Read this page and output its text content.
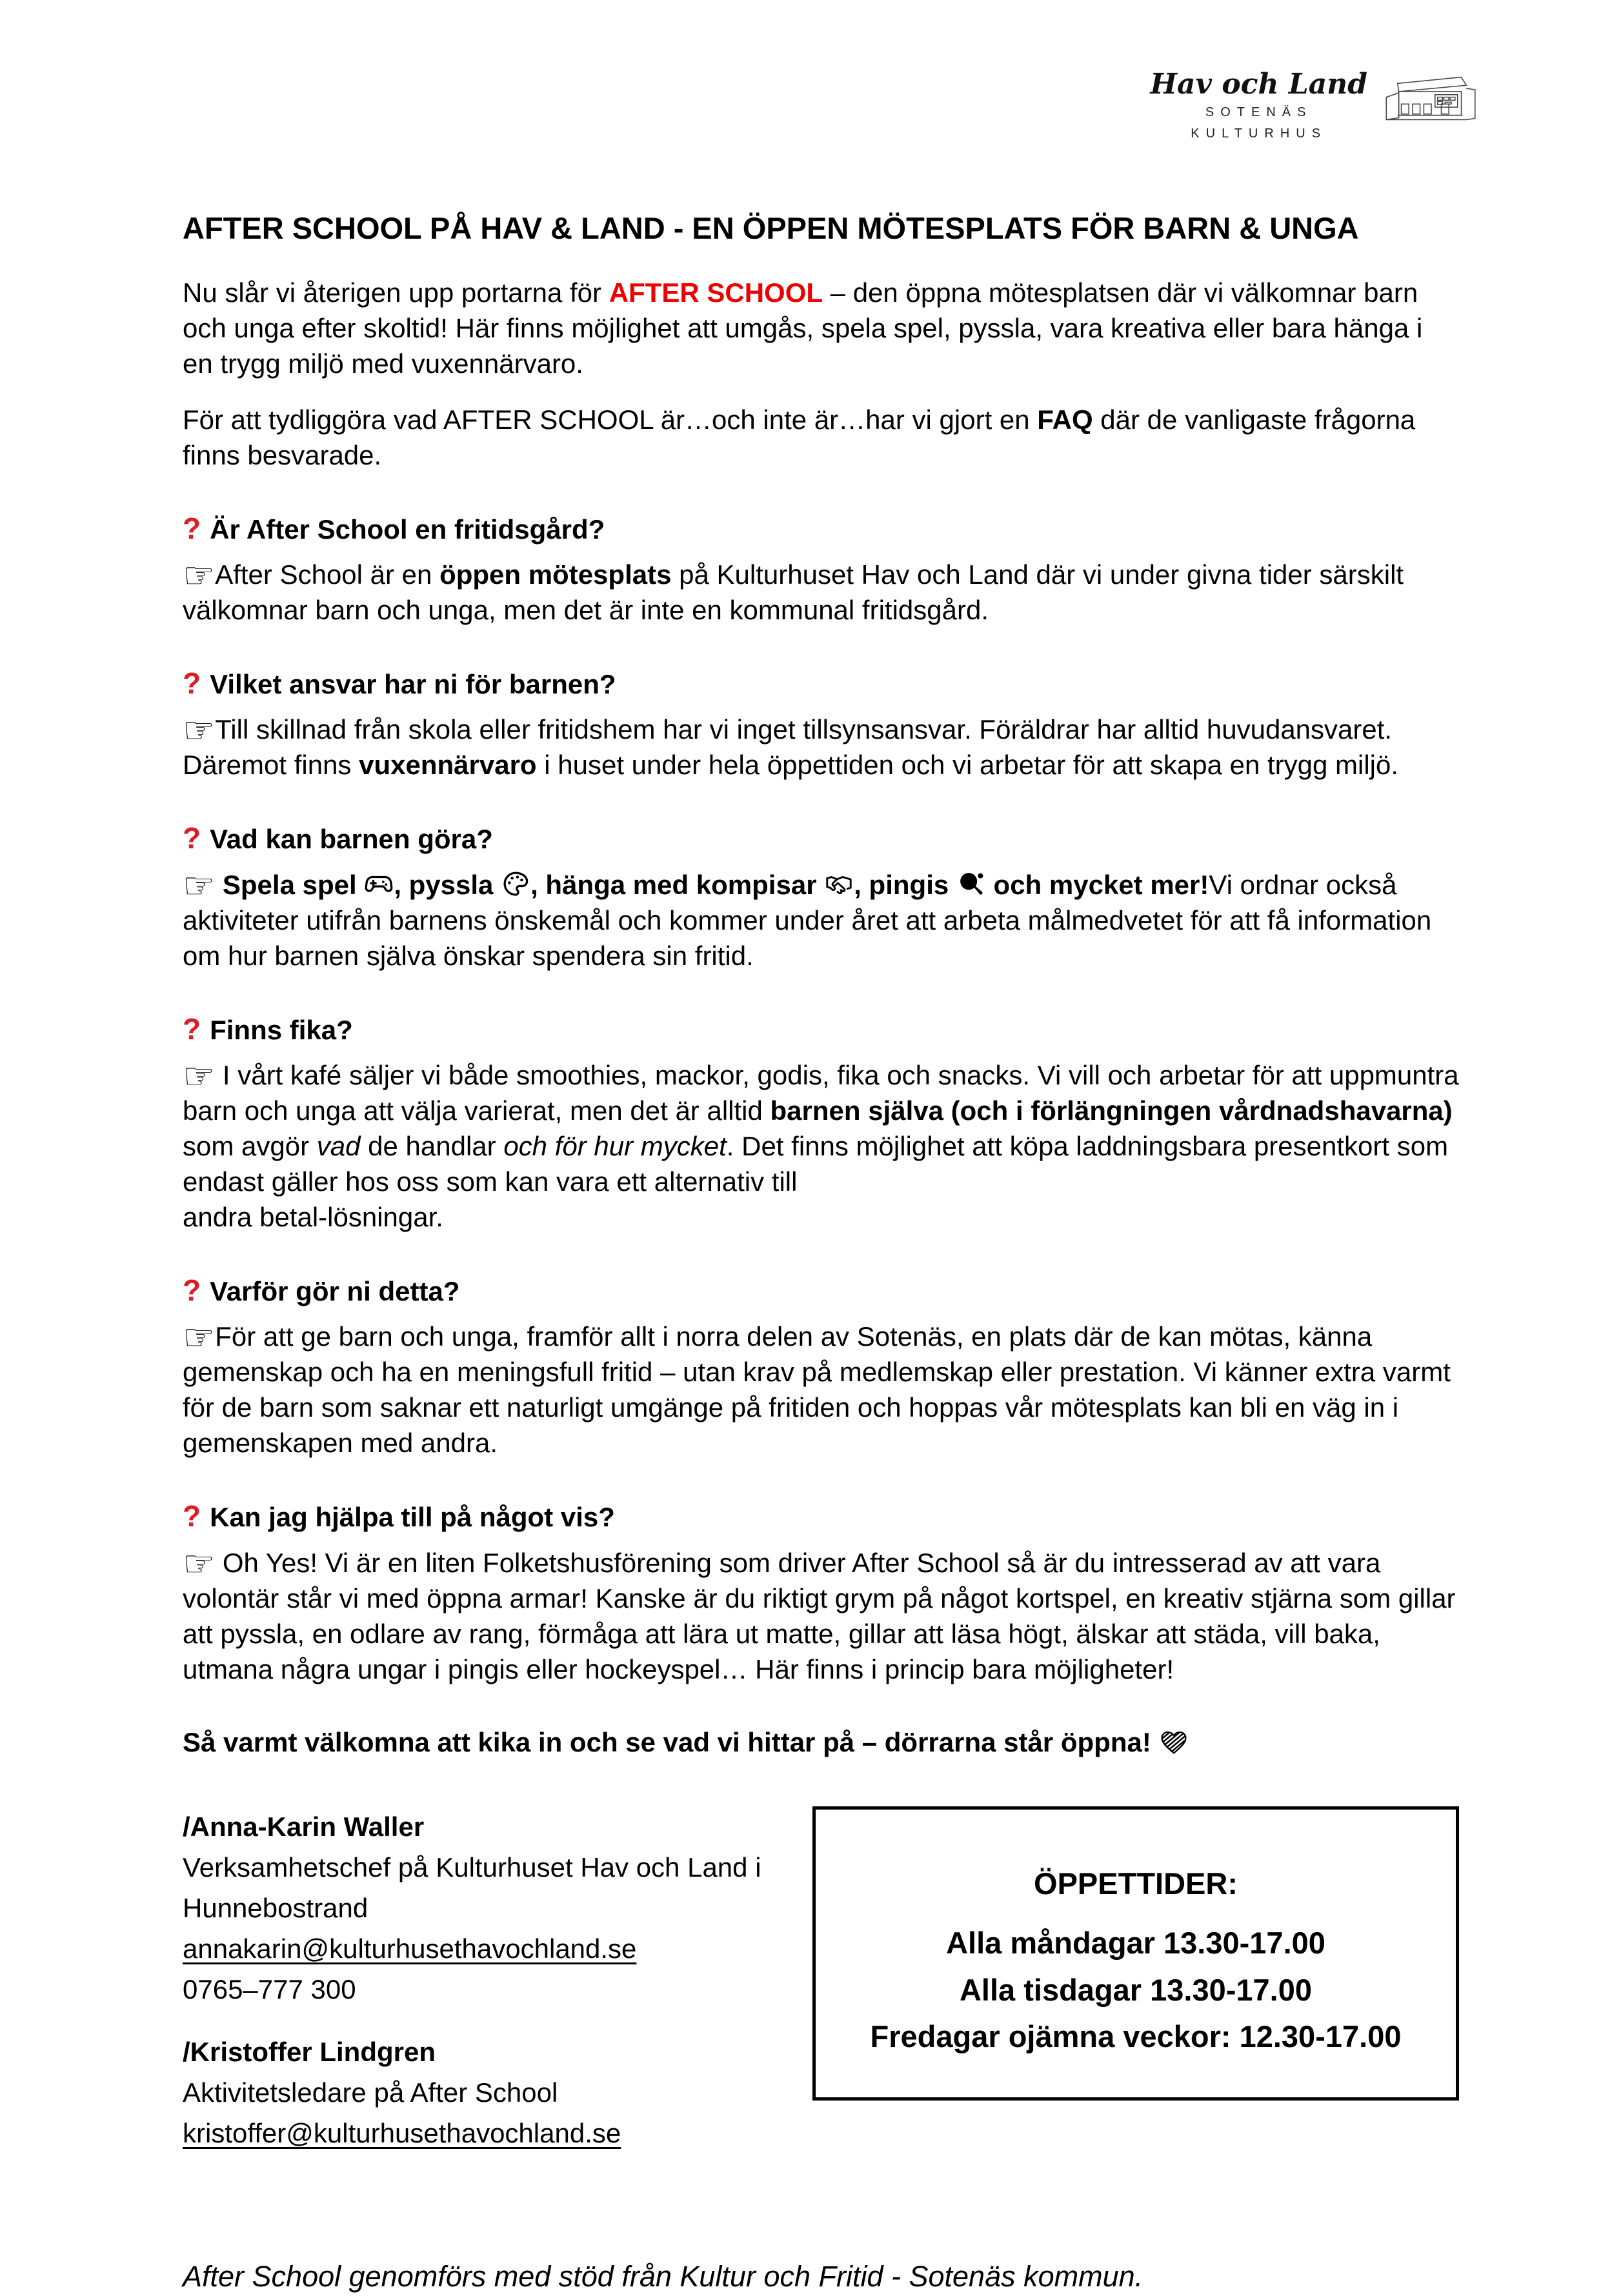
Hav och Land
SOTENÄS
KULTURHUS
AFTER SCHOOL PÅ HAV & LAND - EN ÖPPEN MÖTESPLATS FÖR BARN & UNGA

Nu slår vi återigen upp portarna för AFTER SCHOOL – den öppna mötesplatsen där vi välkomnar barn och unga efter skoltid! Här finns möjlighet att umgås, spela spel, pyssla, vara kreativa eller bara hänga i en trygg miljö med vuxennärvaro.

För att tydliggöra vad AFTER SCHOOL är…och inte är…har vi gjort en FAQ där de vanligaste frågorna finns besvarade.

? Är After School en fritidsgård?
☞After School är en öppen mötesplats på Kulturhuset Hav och Land där vi under givna tider särskilt välkomnar barn och unga, men det är inte en kommunal fritidsgård.
? Vilket ansvar har ni för barnen?
☞Till skillnad från skola eller fritidshem har vi inget tillsynsansvar. Föräldrar har alltid huvudansvaret. Däremot finns vuxennärvaro i huset under hela öppettiden och vi arbetar för att skapa en trygg miljö.
? Vad kan barnen göra?
☞ Spela spel , pyssla , hänga med kompisar , pingis  och mycket mer!Vi ordnar också aktiviteter utifrån barnens önskemål och kommer under året att arbeta målmedvetet för att få information om hur barnen själva önskar spendera sin fritid.
? Finns fika?
☞ I vårt kafé säljer vi både smoothies, mackor, godis, fika och snacks. Vi vill och arbetar för att uppmuntra barn och unga att välja varierat, men det är alltid barnen själva (och i förlängningen vårdnadshavarna) som avgör vad de handlar och för hur mycket. Det finns möjlighet att köpa laddningsbara presentkort som endast gäller hos oss som kan vara ett alternativ till
andra betal-lösningar.
? Varför gör ni detta?
☞För att ge barn och unga, framför allt i norra delen av Sotenäs, en plats där de kan mötas, känna gemenskap och ha en meningsfull fritid – utan krav på medlemskap eller prestation. Vi känner extra varmt för de barn som saknar ett naturligt umgänge på fritiden och hoppas vår mötesplats kan bli en väg in i gemenskapen med andra.
? Kan jag hjälpa till på något vis?
☞ Oh Yes! Vi är en liten Folketshusförening som driver After School så är du intresserad av att vara volontär står vi med öppna armar! Kanske är du riktigt grym på något kortspel, en kreativ stjärna som gillar att pyssla, en odlare av rang, förmåga att lära ut matte, gillar att läsa högt, älskar att städa, vill baka, utmana några ungar i pingis eller hockeyspel… Här finns i princip bara möjligheter!

Så varmt välkomna att kika in och se vad vi hittar på – dörrarna står öppna!

/Anna-Karin Waller
Verksamhetschef på Kulturhuset Hav och Land i Hunnebostrand
annakarin@kulturhusethavochland.se
0765–777 300
/Kristoffer Lindgren
Aktivitetsledare på After School
kristoffer@kulturhusethavochland.se
ÖPPETTIDER:
Alla måndagar 13.30-17.00
Alla tisdagar 13.30-17.00
Fredagar ojämna veckor: 12.30-17.00

After School genomförs med stöd från Kultur och Fritid - Sotenäs kommun.
